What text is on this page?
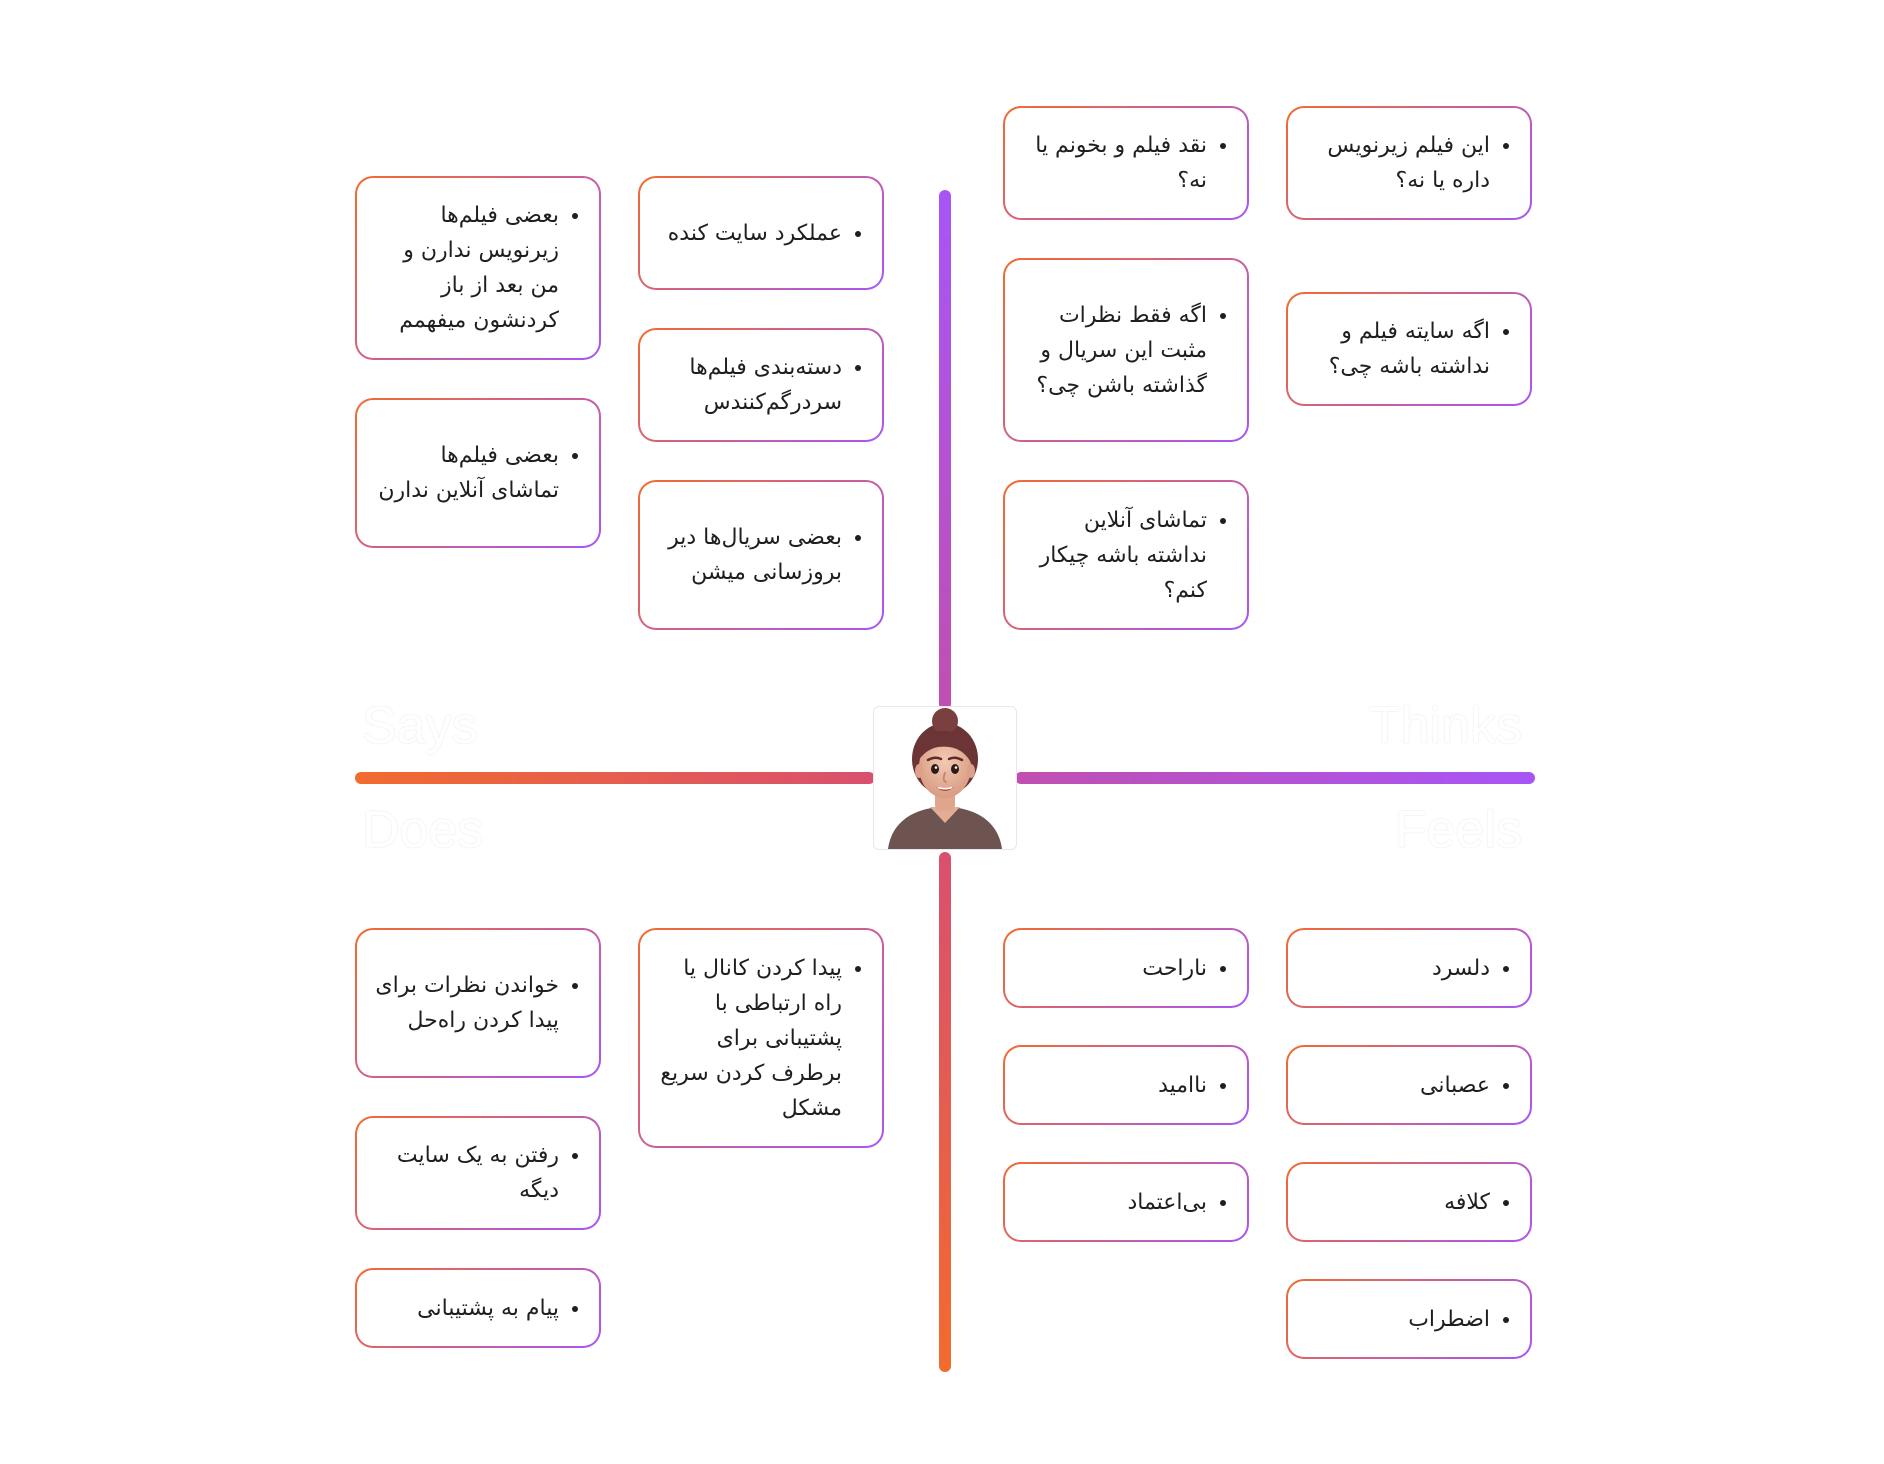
Says	Thinks
Does	Feels
• بعضی فیلم‌ها زیرنویس ندارن و من بعد از باز کردنشون میفهمم
• بعضی فیلم‌ها تماشای آنلاین ندارن
• عملکرد سایت کنده
• دسته‌بندی فیلم‌ها سردرگم‌کنندس
• بعضی سریال‌ها دیر بروزسانی میشن
• نقد فیلم و بخونم یا نه؟
• اگه فقط نظرات مثبت این سریال و گذاشته باشن چی؟
• تماشای آنلاین نداشته باشه چیکار کنم؟
• این فیلم زیرنویس داره یا نه؟
• اگه سایته فیلم و نداشته باشه چی؟
• خواندن نظرات برای پیدا کردن راه‌حل
• رفتن به یک سایت دیگه
• پیام به پشتیبانی
• پیدا کردن کانال یا راه ارتباطی با پشتیبانی برای برطرف کردن سریع مشکل
• ناراحت
• ناامید
• بی‌اعتماد
• دلسرد
• عصبانی
• کلافه
• اضطراب
